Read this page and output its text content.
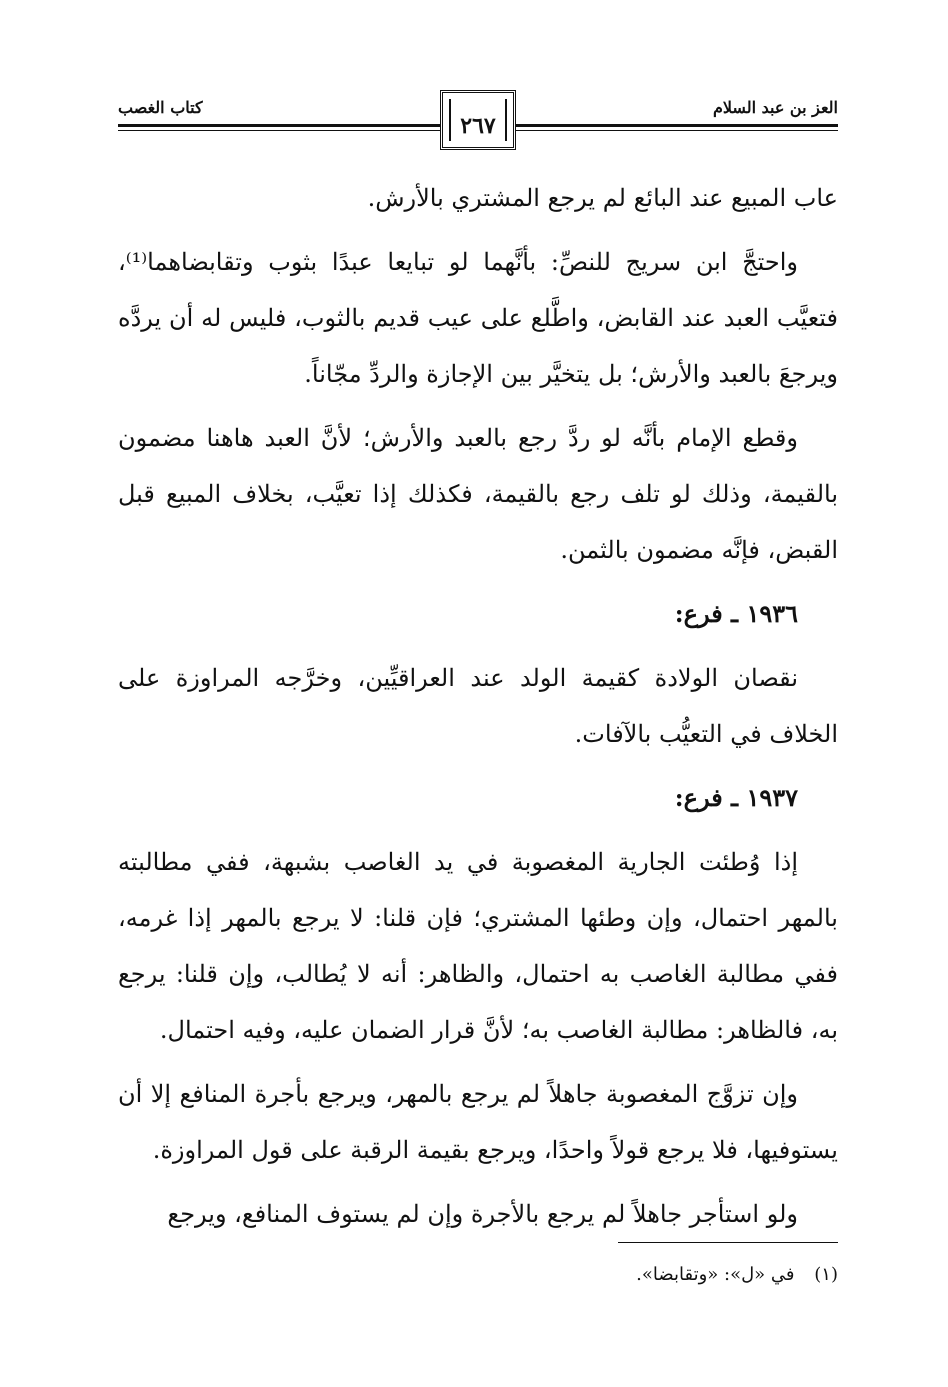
العز بن عبد السلام
كتاب الغصب
٢٦٧

عاب المبيع عند البائع لم يرجع المشتري بالأرش.

واحتجَّ ابن سريج للنصِّ: بأنَّهما لو تبايعا عبدًا بثوب وتقابضاهما⁽¹⁾، فتعيَّب العبد عند القابض، واطَّلع على عيب قديم بالثوب، فليس له أن يردَّه ويرجعَ بالعبد والأرش؛ بل يتخيَّر بين الإجازة والردِّ مجّاناً.

وقطع الإمام بأنَّه لو ردَّ رجع بالعبد والأرش؛ لأنَّ العبد هاهنا مضمون بالقيمة، وذلك لو تلف رجع بالقيمة، فكذلك إذا تعيَّب، بخلاف المبيع قبل القبض، فإنَّه مضمون بالثمن.

١٩٣٦ ـ فرع:

نقصان الولادة كقيمة الولد عند العراقيِّين، وخرَّجه المراوزة على الخلاف في التعيُّب بالآفات.

١٩٣٧ ـ فرع:

إذا وُطئت الجارية المغصوبة في يد الغاصب بشبهة، ففي مطالبته بالمهر احتمال، وإن وطئها المشتري؛ فإن قلنا: لا يرجع بالمهر إذا غرمه، ففي مطالبة الغاصب به احتمال، والظاهر: أنه لا يُطالب، وإن قلنا: يرجع به، فالظاهر: مطالبة الغاصب به؛ لأنَّ قرار الضمان عليه، وفيه احتمال.

وإن تزوَّج المغصوبة جاهلاً لم يرجع بالمهر، ويرجع بأجرة المنافع إلا أن يستوفيها، فلا يرجع قولاً واحدًا، ويرجع بقيمة الرقبة على قول المراوزة.

ولو استأجر جاهلاً لم يرجع بالأجرة وإن لم يستوف المنافع، ويرجع

(١) في «ل»: «وتقابضا».
